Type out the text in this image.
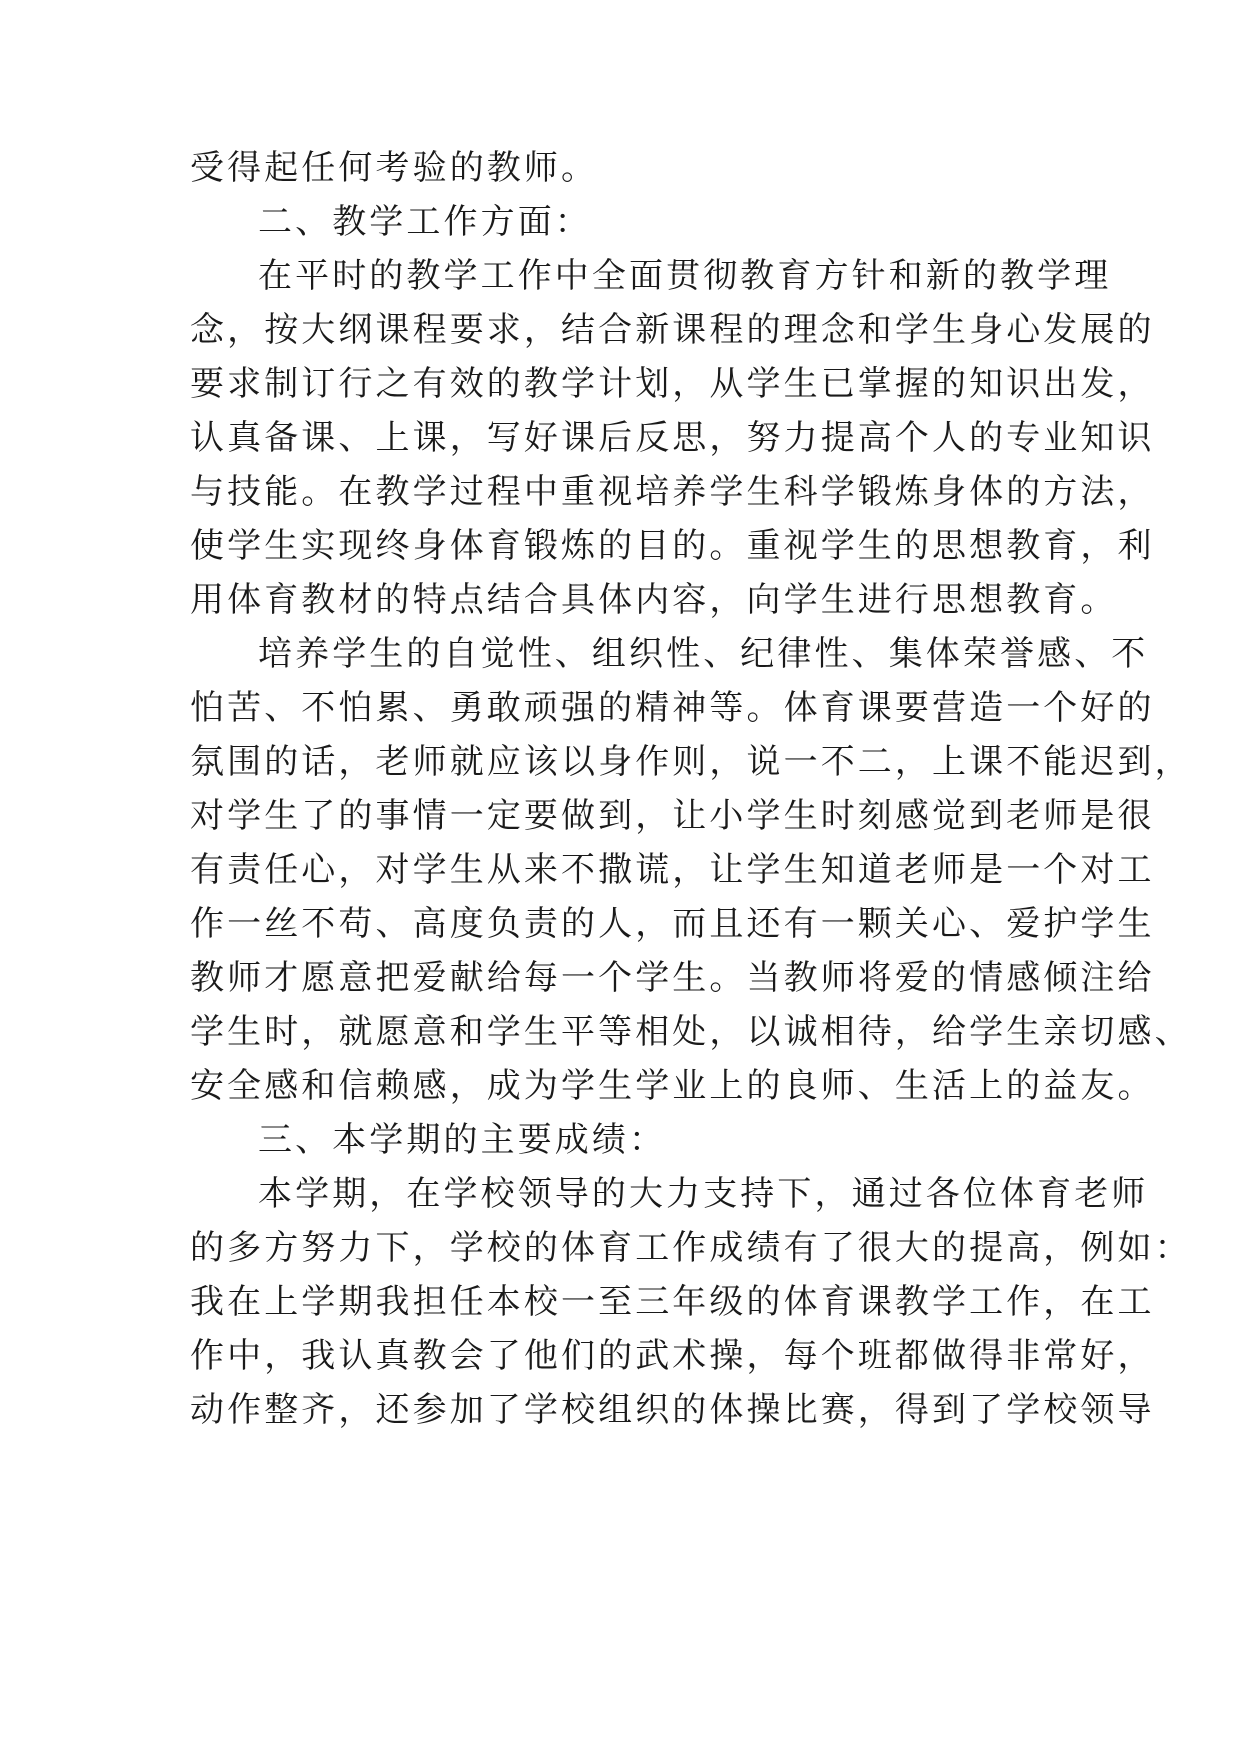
受得起任何考验的教师。
二、教学工作方面：
在平时的教学工作中全面贯彻教育方针和新的教学理
念，按大纲课程要求，结合新课程的理念和学生身心发展的
要求制订行之有效的教学计划，从学生已掌握的知识出发，
认真备课、上课，写好课后反思，努力提高个人的专业知识
与技能。在教学过程中重视培养学生科学锻炼身体的方法，
使学生实现终身体育锻炼的目的。重视学生的思想教育，利
用体育教材的特点结合具体内容，向学生进行思想教育。
培养学生的自觉性、组织性、纪律性、集体荣誉感、不
怕苦、不怕累、勇敢顽强的精神等。体育课要营造一个好的
氛围的话，老师就应该以身作则，说一不二，上课不能迟到，
对学生了的事情一定要做到，让小学生时刻感觉到老师是很
有责任心，对学生从来不撒谎，让学生知道老师是一个对工
作一丝不苟、高度负责的人，而且还有一颗关心、爱护学生
教师才愿意把爱献给每一个学生。当教师将爱的情感倾注给
学生时，就愿意和学生平等相处，以诚相待，给学生亲切感、
安全感和信赖感，成为学生学业上的良师、生活上的益友。
三、本学期的主要成绩：
本学期，在学校领导的大力支持下，通过各位体育老师
的多方努力下，学校的体育工作成绩有了很大的提高，例如：
我在上学期我担任本校一至三年级的体育课教学工作，在工
作中，我认真教会了他们的武术操，每个班都做得非常好，
动作整齐，还参加了学校组织的体操比赛，得到了学校领导
